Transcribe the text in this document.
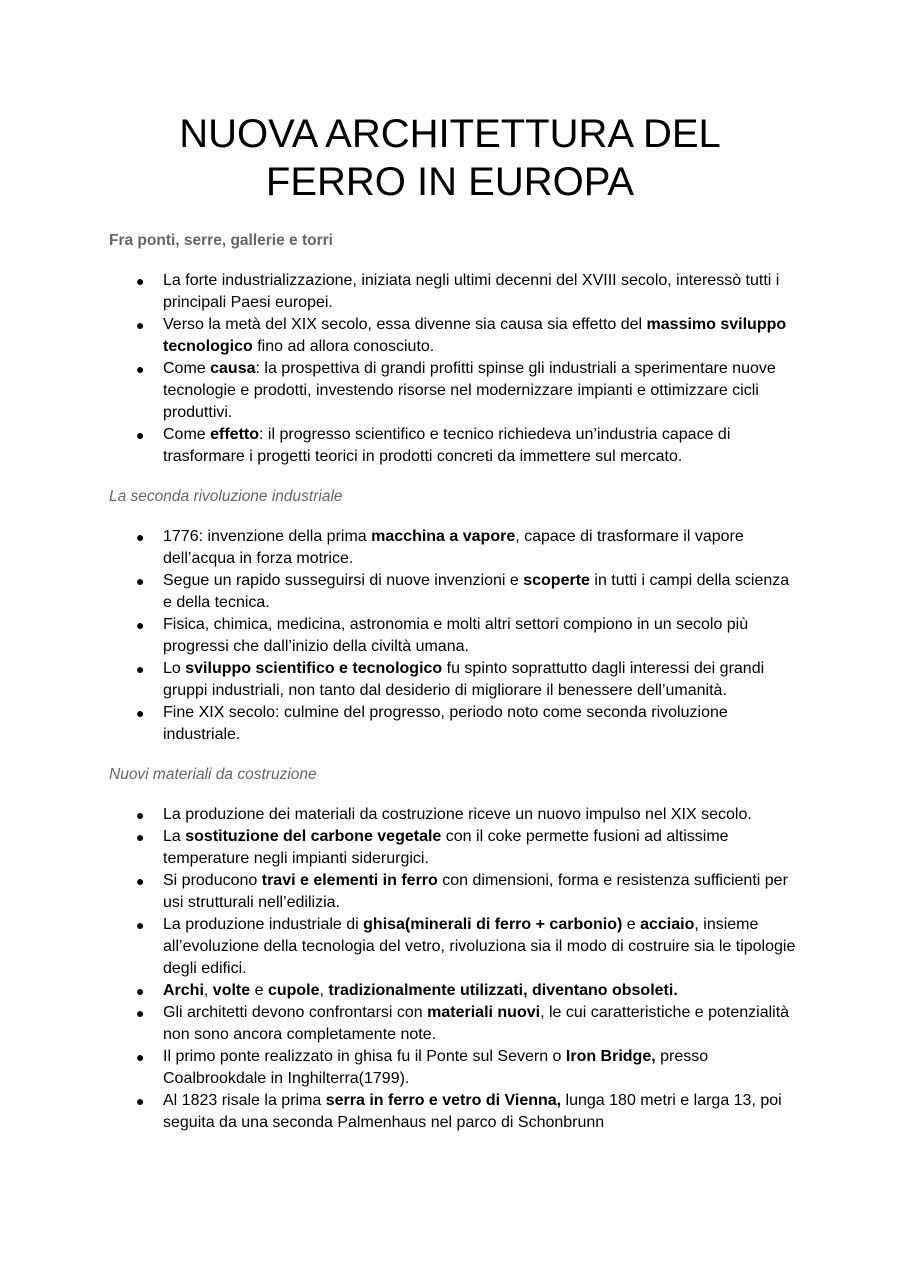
NUOVA ARCHITETTURA DEL
FERRO IN EUROPA

Fra ponti, serre, gallerie e torri

● La forte industrializzazione, iniziata negli ultimi decenni del XVIII secolo, interessò tutti i principali Paesi europei.
● Verso la metà del XIX secolo, essa divenne sia causa sia effetto del massimo sviluppo tecnologico fino ad allora conosciuto.
● Come causa: la prospettiva di grandi profitti spinse gli industriali a sperimentare nuove tecnologie e prodotti, investendo risorse nel modernizzare impianti e ottimizzare cicli produttivi.
● Come effetto: il progresso scientifico e tecnico richiedeva un’industria capace di trasformare i progetti teorici in prodotti concreti da immettere sul mercato.

La seconda rivoluzione industriale

● 1776: invenzione della prima macchina a vapore, capace di trasformare il vapore dell’acqua in forza motrice.
● Segue un rapido susseguirsi di nuove invenzioni e scoperte in tutti i campi della scienza e della tecnica.
● Fisica, chimica, medicina, astronomia e molti altri settori compiono in un secolo più progressi che dall’inizio della civiltà umana.
● Lo sviluppo scientifico e tecnologico fu spinto soprattutto dagli interessi dei grandi gruppi industriali, non tanto dal desiderio di migliorare il benessere dell’umanità.
● Fine XIX secolo: culmine del progresso, periodo noto come seconda rivoluzione industriale.

Nuovi materiali da costruzione

● La produzione dei materiali da costruzione riceve un nuovo impulso nel XIX secolo.
● La sostituzione del carbone vegetale con il coke permette fusioni ad altissime temperature negli impianti siderurgici.
● Si producono travi e elementi in ferro con dimensioni, forma e resistenza sufficienti per usi strutturali nell’edilizia.
● La produzione industriale di ghisa(minerali di ferro + carbonio) e acciaio, insieme all’evoluzione della tecnologia del vetro, rivoluziona sia il modo di costruire sia le tipologie degli edifici.
● Archi, volte e cupole, tradizionalmente utilizzati, diventano obsoleti.
● Gli architetti devono confrontarsi con materiali nuovi, le cui caratteristiche e potenzialità non sono ancora completamente note.
● Il primo ponte realizzato in ghisa fu il Ponte sul Severn o Iron Bridge, presso Coalbrookdale in Inghilterra(1799).
● Al 1823 risale la prima serra in ferro e vetro di Vienna, lunga 180 metri e larga 13, poi seguita da una seconda Palmenhaus nel parco di Schonbrunn
